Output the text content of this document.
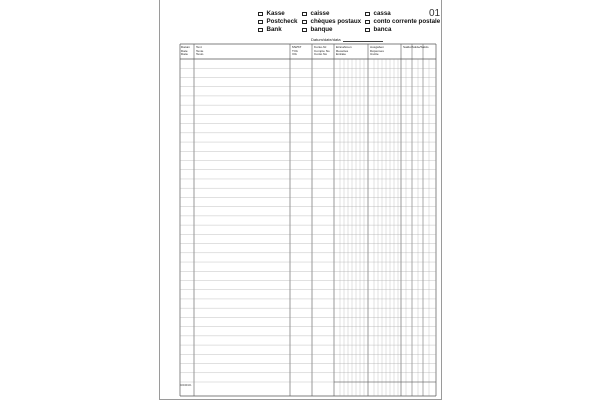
01
Kasse
Postcheck
Bank
caisse
chèques postaux
banque
cassa
conto corrente postale
banca
Datum/date/data
Datum
Date
Data
Text
Texte
Testo
MWST
TVA
IVA
Konto-Nr.
Compte No
Conto No
Einnahmen
Recettes
Entrate
Ausgaben
Dépenses
Uscite
Saldo/Solde/Saldo
40040101
